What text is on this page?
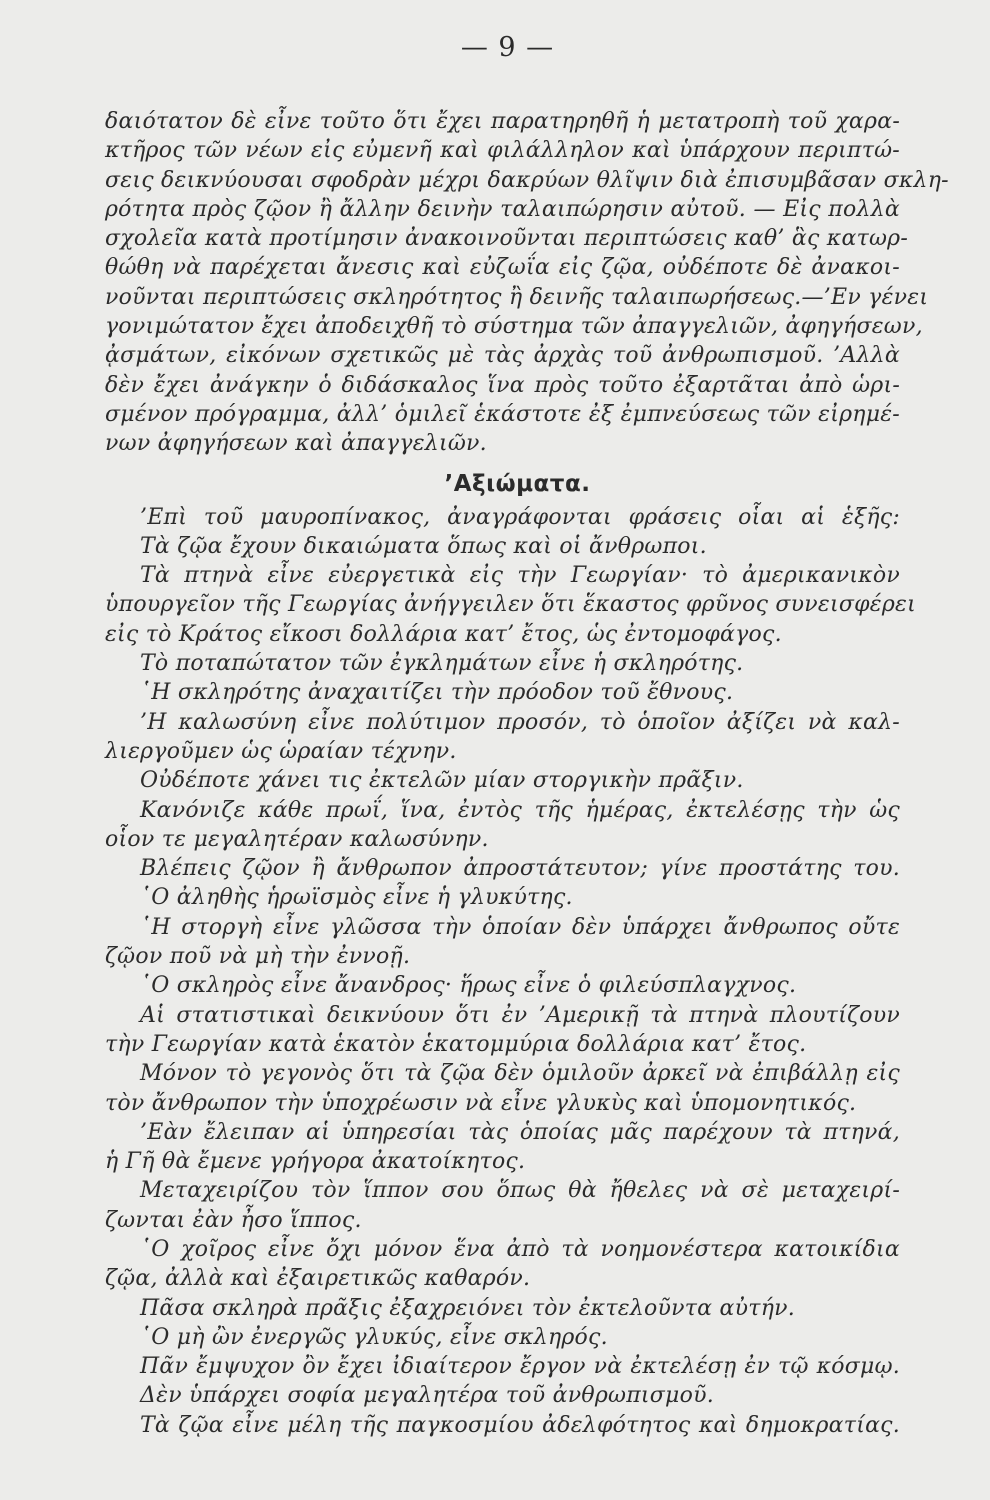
— 9 —
δαιότατον δὲ εἶνε τοῦτο ὅτι ἔχει παρατηρηθῆ ἡ μετατροπὴ τοῦ χαρα-
κτῆρος τῶν νέων εἰς εὐμενῆ καὶ φιλάλληλον καὶ ὑπάρχουν περιπτώ-
σεις δεικνύουσαι σφοδρὰν μέχρι δακρύων θλῖψιν διὰ ἐπισυμβᾶσαν σκλη-
ρότητα πρὸς ζῷον ἢ ἄλλην δεινὴν ταλαιπώρησιν αὐτοῦ. — Εἰς πολλὰ
σχολεῖα κατὰ προτίμησιν ἀνακοινοῦνται περιπτώσεις καθ’ ἃς κατωρ-
θώθη νὰ παρέχεται ἄνεσις καὶ εὐζωΐα εἰς ζῷα, οὐδέποτε δὲ ἀνακοι-
νοῦνται περιπτώσεις σκληρότητος ἢ δεινῆς ταλαιπωρήσεως.—’Εν γένει
γονιμώτατον ἔχει ἀποδειχθῆ τὸ σύστημα τῶν ἀπαγγελιῶν, ἀφηγήσεων,
ᾀσμάτων, εἰκόνων σχετικῶς μὲ τὰς ἀρχὰς τοῦ ἀνθρωπισμοῦ. ’Αλλὰ
δὲν ἔχει ἀνάγκην ὁ διδάσκαλος ἵνα πρὸς τοῦτο ἐξαρτᾶται ἀπὸ ὡρι-
σμένον πρόγραμμα, ἀλλ’ ὁμιλεῖ ἑκάστοτε ἐξ ἐμπνεύσεως τῶν εἰρημέ-
νων ἀφηγήσεων καὶ ἀπαγγελιῶν.
’Αξιώματα.
’Επὶ τοῦ μαυροπίνακος, ἀναγράφονται φράσεις οἷαι αἱ ἑξῆς:
Τὰ ζῷα ἔχουν δικαιώματα ὅπως καὶ οἱ ἄνθρωποι.
Τὰ πτηνὰ εἶνε εὐεργετικὰ εἰς τὴν Γεωργίαν· τὸ ἀμερικανικὸν
ὑπουργεῖον τῆς Γεωργίας ἀνήγγειλεν ὅτι ἕκαστος φρῦνος συνεισφέρει
εἰς τὸ Κράτος εἴκοσι δολλάρια κατ’ ἔτος, ὡς ἐντομοφάγος.
Τὸ ποταπώτατον τῶν ἐγκλημάτων εἶνε ἡ σκληρότης.
῾Η σκληρότης ἀναχαιτίζει τὴν πρόοδον τοῦ ἔθνους.
’Η καλωσύνη εἶνε πολύτιμον προσόν, τὸ ὁποῖον ἀξίζει νὰ καλ-
λιεργοῦμεν ὡς ὡραίαν τέχνην.
Οὐδέποτε χάνει τις ἐκτελῶν μίαν στοργικὴν πρᾶξιν.
Κανόνιζε κάθε πρωΐ, ἵνα, ἐντὸς τῆς ἡμέρας, ἐκτελέσῃς τὴν ὡς
οἷον τε μεγαλητέραν καλωσύνην.
Βλέπεις ζῷον ἢ ἄνθρωπον ἀπροστάτευτον; γίνε προστάτης του.
῾Ο ἀληθὴς ἡρωϊσμὸς εἶνε ἡ γλυκύτης.
῾Η στοργὴ εἶνε γλῶσσα τὴν ὁποίαν δὲν ὑπάρχει ἄνθρωπος οὔτε
ζῷον ποῦ νὰ μὴ τὴν ἐννοῇ.
῾Ο σκληρὸς εἶνε ἄνανδρος· ἥρως εἶνε ὁ φιλεύσπλαγχνος.
Αἱ στατιστικαὶ δεικνύουν ὅτι ἐν ’Αμερικῇ τὰ πτηνὰ πλουτίζουν
τὴν Γεωργίαν κατὰ ἑκατὸν ἑκατομμύρια δολλάρια κατ’ ἔτος.
Μόνον τὸ γεγονὸς ὅτι τὰ ζῷα δὲν ὁμιλοῦν ἀρκεῖ νὰ ἐπιβάλλῃ εἰς
τὸν ἄνθρωπον τὴν ὑποχρέωσιν νὰ εἶνε γλυκὺς καὶ ὑπομονητικός.
’Εὰν ἔλειπαν αἱ ὑπηρεσίαι τὰς ὁποίας μᾶς παρέχουν τὰ πτηνά,
ἡ Γῆ θὰ ἔμενε γρήγορα ἀκατοίκητος.
Μεταχειρίζου τὸν ἵππον σου ὅπως θὰ ἤθελες νὰ σὲ μεταχειρί-
ζωνται ἐὰν ἦσο ἵππος.
῾Ο χοῖρος εἶνε ὄχι μόνον ἕνα ἀπὸ τὰ νοημονέστερα κατοικίδια
ζῷα, ἀλλὰ καὶ ἐξαιρετικῶς καθαρόν.
Πᾶσα σκληρὰ πρᾶξις ἐξαχρειόνει τὸν ἐκτελοῦντα αὐτήν.
῾Ο μὴ ὢν ἐνεργῶς γλυκύς, εἶνε σκληρός.
Πᾶν ἔμψυχον ὂν ἔχει ἰδιαίτερον ἔργον νὰ ἐκτελέσῃ ἐν τῷ κόσμῳ.
Δὲν ὑπάρχει σοφία μεγαλητέρα τοῦ ἀνθρωπισμοῦ.
Τὰ ζῷα εἶνε μέλη τῆς παγκοσμίου ἀδελφότητος καὶ δημοκρατίας.
